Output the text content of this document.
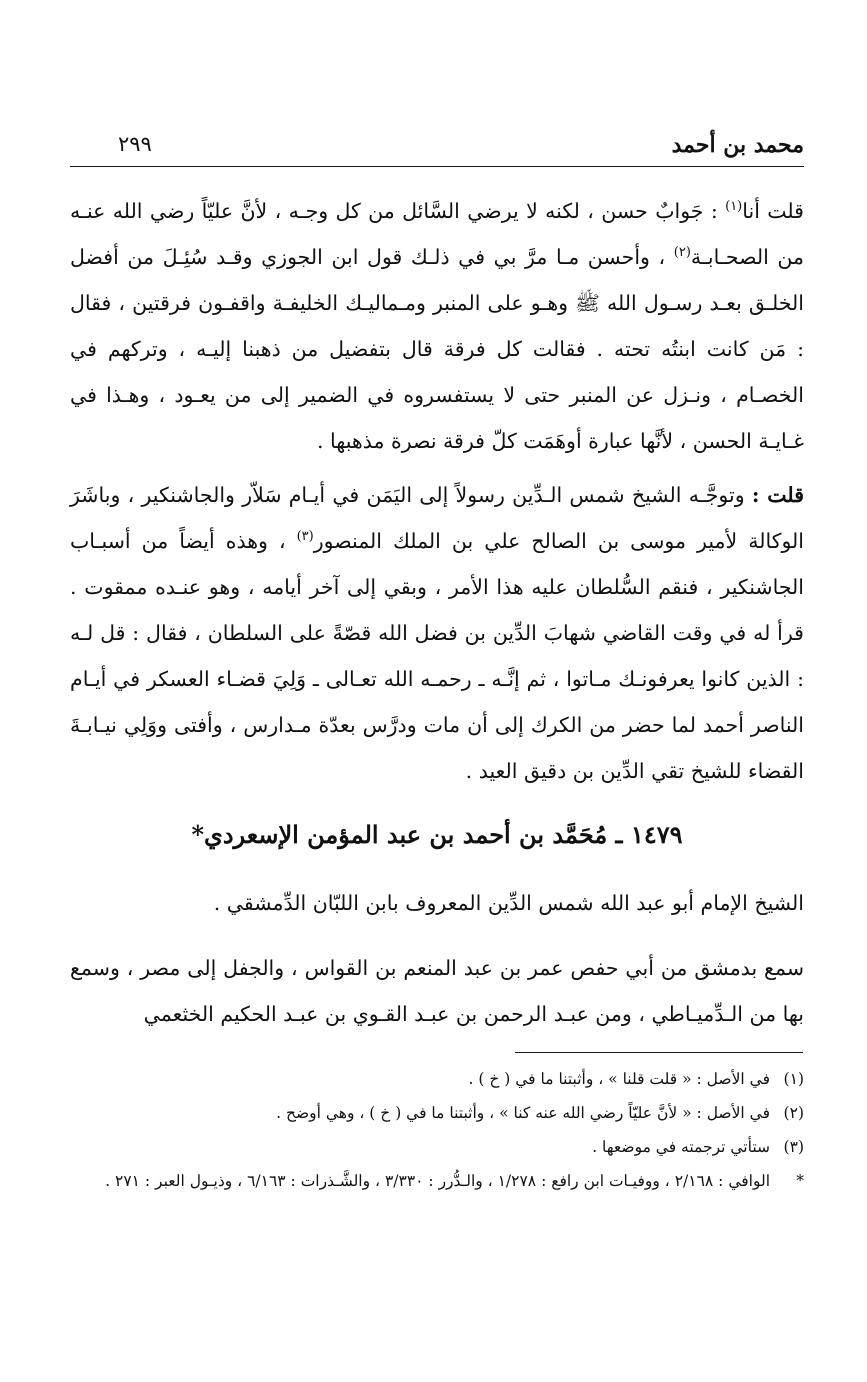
محمد بن أحمد
٢٩٩

قلت أنا$^{(١)}$ : جَوابٌ حسن ، لكنه لا يرضي السَّائل من كل وجـه ، لأنَّ عليّاً رضي الله عنـه من الصحـابـة$^{(٢)}$ ، وأحسن مـا مرَّ بي في ذلـك قول ابن الجوزي وقـد سُئِـلَ من أفضل الخلـق بعـد رسـول الله ﷺ وهـو على المنبر ومـماليـك الخليفـة واقفـون فرقتين ، فقال : مَن كانت ابنتُه تحته . فقالت كل فرقة قال بتفضيل من ذهبنا إليـه ، وتركهم في الخصـام ، ونـزل عن المنبر حتى لا يستفسروه في الضمير إلى من يعـود ، وهـذا في غـايـة الحسن ، لأنَّها عبارة أوهَمَت كلّ فرقة نصرة مذهبها .

قلت : وتوجَّـه الشيخ شمس الـدِّين رسولاً إلى اليَمَن في أيـام سَلاّر والجاشنكير ، وباشَرَ الوكالة لأمير موسى بن الصالح علي بن الملك المنصور$^{(٣)}$ ، وهذه أيضاً من أسبـاب الجاشنكير ، فنقم السُّلطان عليه هذا الأمر ، وبقي إلى آخر أيامه ، وهو عنـده ممقوت . قرأ له في وقت القاضي شهابَ الدِّين بن فضل الله قصّةً على السلطان ، فقال : قل لـه : الذين كانوا يعرفونـك مـاتوا ، ثم إنَّـه ـ رحمـه الله تعـالى ـ وَلِيَ قضـاء العسكر في أيـام الناصر أحمد لما حضر من الكرك إلى أن مات ودرَّس بعدّة مـدارس ، وأفتى ووَلِي نيـابـةَ القضاء للشيخ تقي الدِّين بن دقيق العيد .

١٤٧٩ ـ مُحَمَّد بن أحمد بن عبد المؤمن الإسعردي*

الشيخ الإمام أبو عبد الله شمس الدِّين المعروف بابن اللبّان الدِّمشقي .

سمع بدمشق من أبي حفص عمر بن عبد المنعم بن القواس ، والجفل إلى مصر ، وسمع بها من الـدِّميـاطي ، ومن عبـد الرحمن بن عبـد القـوي بن عبـد الحكيم الخثعمي

(١)
في الأصل : « قلت قلنا » ، وأثبتنا ما في ( خ ) .
(٢)
في الأصل : « لأنَّ عليّاً رضي الله عنه كنا » ، وأثبتنا ما في ( خ ) ، وهي أوضح .
(٣)
ستأتي ترجمته في موضعها .
*
الوافي : ٢/١٦٨ ، ووفيـات ابن رافع : ١/٢٧٨ ، والـدُّرر : ٣/٣٣٠ ، والشَّـذرات : ٦/١٦٣ ، وذيـول العبر : ٢٧١ .
